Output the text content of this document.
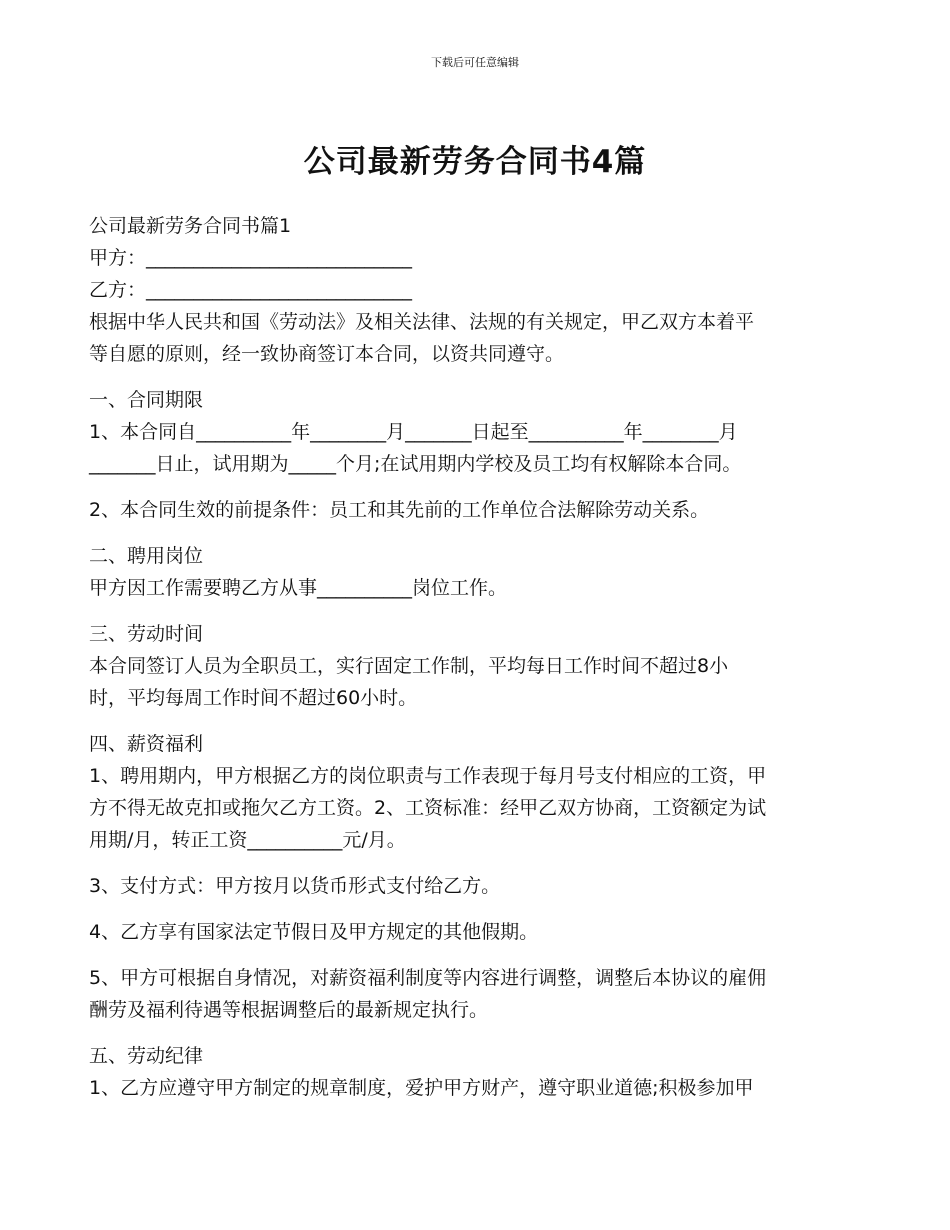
下载后可任意编辑
公司最新劳务合同书4篇

公司最新劳务合同书篇1

甲方：____________________________

乙方：____________________________

根据中华人民共和国《劳动法》及相关法律、法规的有关规定，甲乙双方本着平

等自愿的原则，经一致协商签订本合同，以资共同遵守。

一、合同期限

1、本合同自__________年________月_______日起至__________年________月

_______日止，试用期为_____个月;在试用期内学校及员工均有权解除本合同。

2、本合同生效的前提条件：员工和其先前的工作单位合法解除劳动关系。

二、聘用岗位

甲方因工作需要聘乙方从事__________岗位工作。

三、劳动时间

本合同签订人员为全职员工，实行固定工作制，平均每日工作时间不超过8小

时，平均每周工作时间不超过60小时。

四、薪资福利

1、聘用期内，甲方根据乙方的岗位职责与工作表现于每月号支付相应的工资，甲

方不得无故克扣或拖欠乙方工资。2、工资标准：经甲乙双方协商，工资额定为试

用期/月，转正工资__________元/月。

3、支付方式：甲方按月以货币形式支付给乙方。

4、乙方享有国家法定节假日及甲方规定的其他假期。

5、甲方可根据自身情况，对薪资福利制度等内容进行调整，调整后本协议的雇佣

酬劳及福利待遇等根据调整后的最新规定执行。

五、劳动纪律

1、乙方应遵守甲方制定的规章制度，爱护甲方财产，遵守职业道德;积极参加甲
